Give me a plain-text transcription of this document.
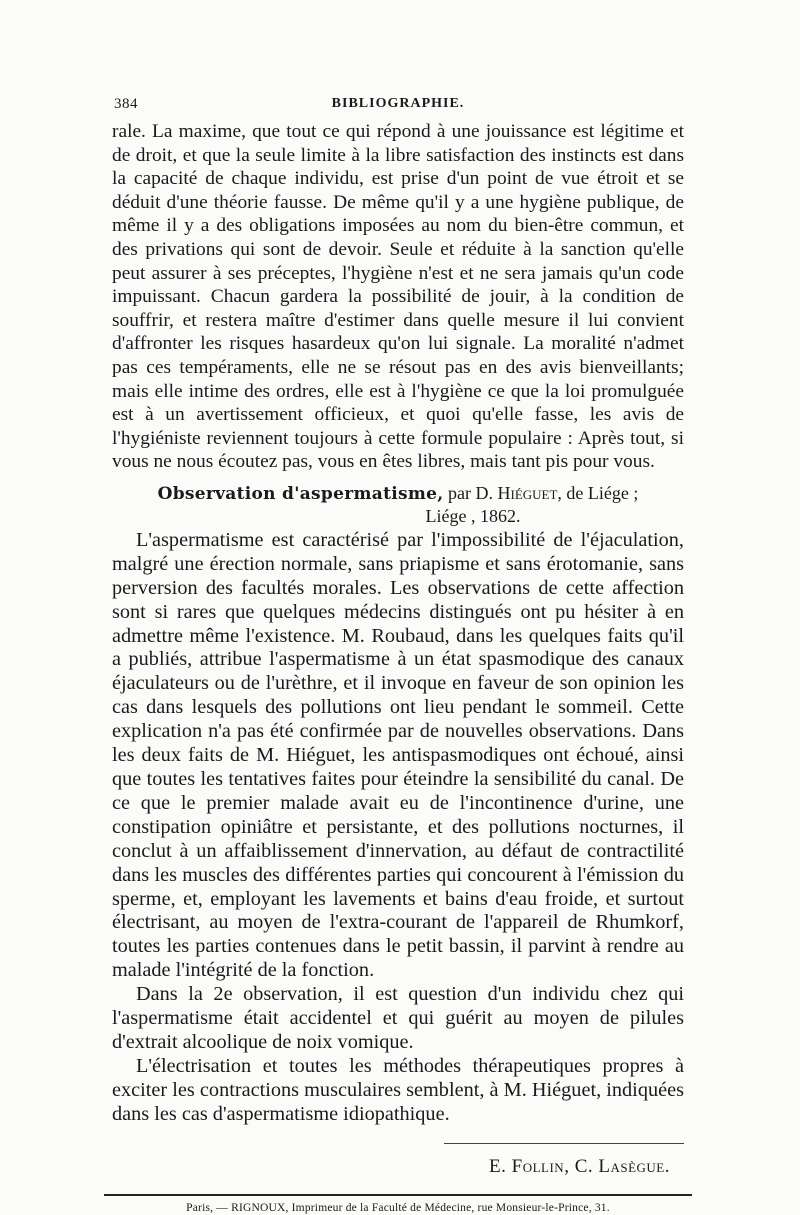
384	BIBLIOGRAPHIE.

rale. La maxime, que tout ce qui répond à une jouissance est légitime et de droit, et que la seule limite à la libre satisfaction des instincts est dans la capacité de chaque individu, est prise d'un point de vue étroit et se déduit d'une théorie fausse. De même qu'il y a une hygiène publique, de même il y a des obligations imposées au nom du bien-être commun, et des privations qui sont de devoir. Seule et réduite à la sanction qu'elle peut assurer à ses préceptes, l'hygiène n'est et ne sera jamais qu'un code impuissant. Chacun gardera la possibilité de jouir, à la condition de souffrir, et restera maître d'estimer dans quelle mesure il lui convient d'affronter les risques hasardeux qu'on lui signale. La moralité n'admet pas ces tempéraments, elle ne se résout pas en des avis bienveillants; mais elle intime des ordres, elle est à l'hygiène ce que la loi promulguée est à un avertissement officieux, et quoi qu'elle fasse, les avis de l'hygiéniste reviennent toujours à cette formule populaire : Après tout, si vous ne nous écoutez pas, vous en êtes libres, mais tant pis pour vous.

Observation d'aspermatisme, par D. Hiéguet, de Liége ;
Liége , 1862.

L'aspermatisme est caractérisé par l'impossibilité de l'éjaculation, malgré une érection normale, sans priapisme et sans érotomanie, sans perversion des facultés morales. Les observations de cette affection sont si rares que quelques médecins distingués ont pu hésiter à en admettre même l'existence. M. Roubaud, dans les quelques faits qu'il a publiés, attribue l'aspermatisme à un état spasmodique des canaux éjaculateurs ou de l'urèthre, et il invoque en faveur de son opinion les cas dans lesquels des pollutions ont lieu pendant le sommeil. Cette explication n'a pas été confirmée par de nouvelles observations. Dans les deux faits de M. Hiéguet, les antispasmodiques ont échoué, ainsi que toutes les tentatives faites pour éteindre la sensibilité du canal. De ce que le premier malade avait eu de l'incontinence d'urine, une constipation opiniâtre et persistante, et des pollutions nocturnes, il conclut à un affaiblissement d'innervation, au défaut de contractilité dans les muscles des différentes parties qui concourent à l'émission du sperme, et, employant les lavements et bains d'eau froide, et surtout électrisant, au moyen de l'extra-courant de l'appareil de Rhumkorf, toutes les parties contenues dans le petit bassin, il parvint à rendre au malade l'intégrité de la fonction.

Dans la 2e observation, il est question d'un individu chez qui l'aspermatisme était accidentel et qui guérit au moyen de pilules d'extrait alcoolique de noix vomique.

L'électrisation et toutes les méthodes thérapeutiques propres à exciter les contractions musculaires semblent, à M. Hiéguet, indiquées dans les cas d'aspermatisme idiopathique.

E. Follin, C. Lasègue.
Paris, — RIGNOUX, Imprimeur de la Faculté de Médecine, rue Monsieur-le-Prince, 31.
